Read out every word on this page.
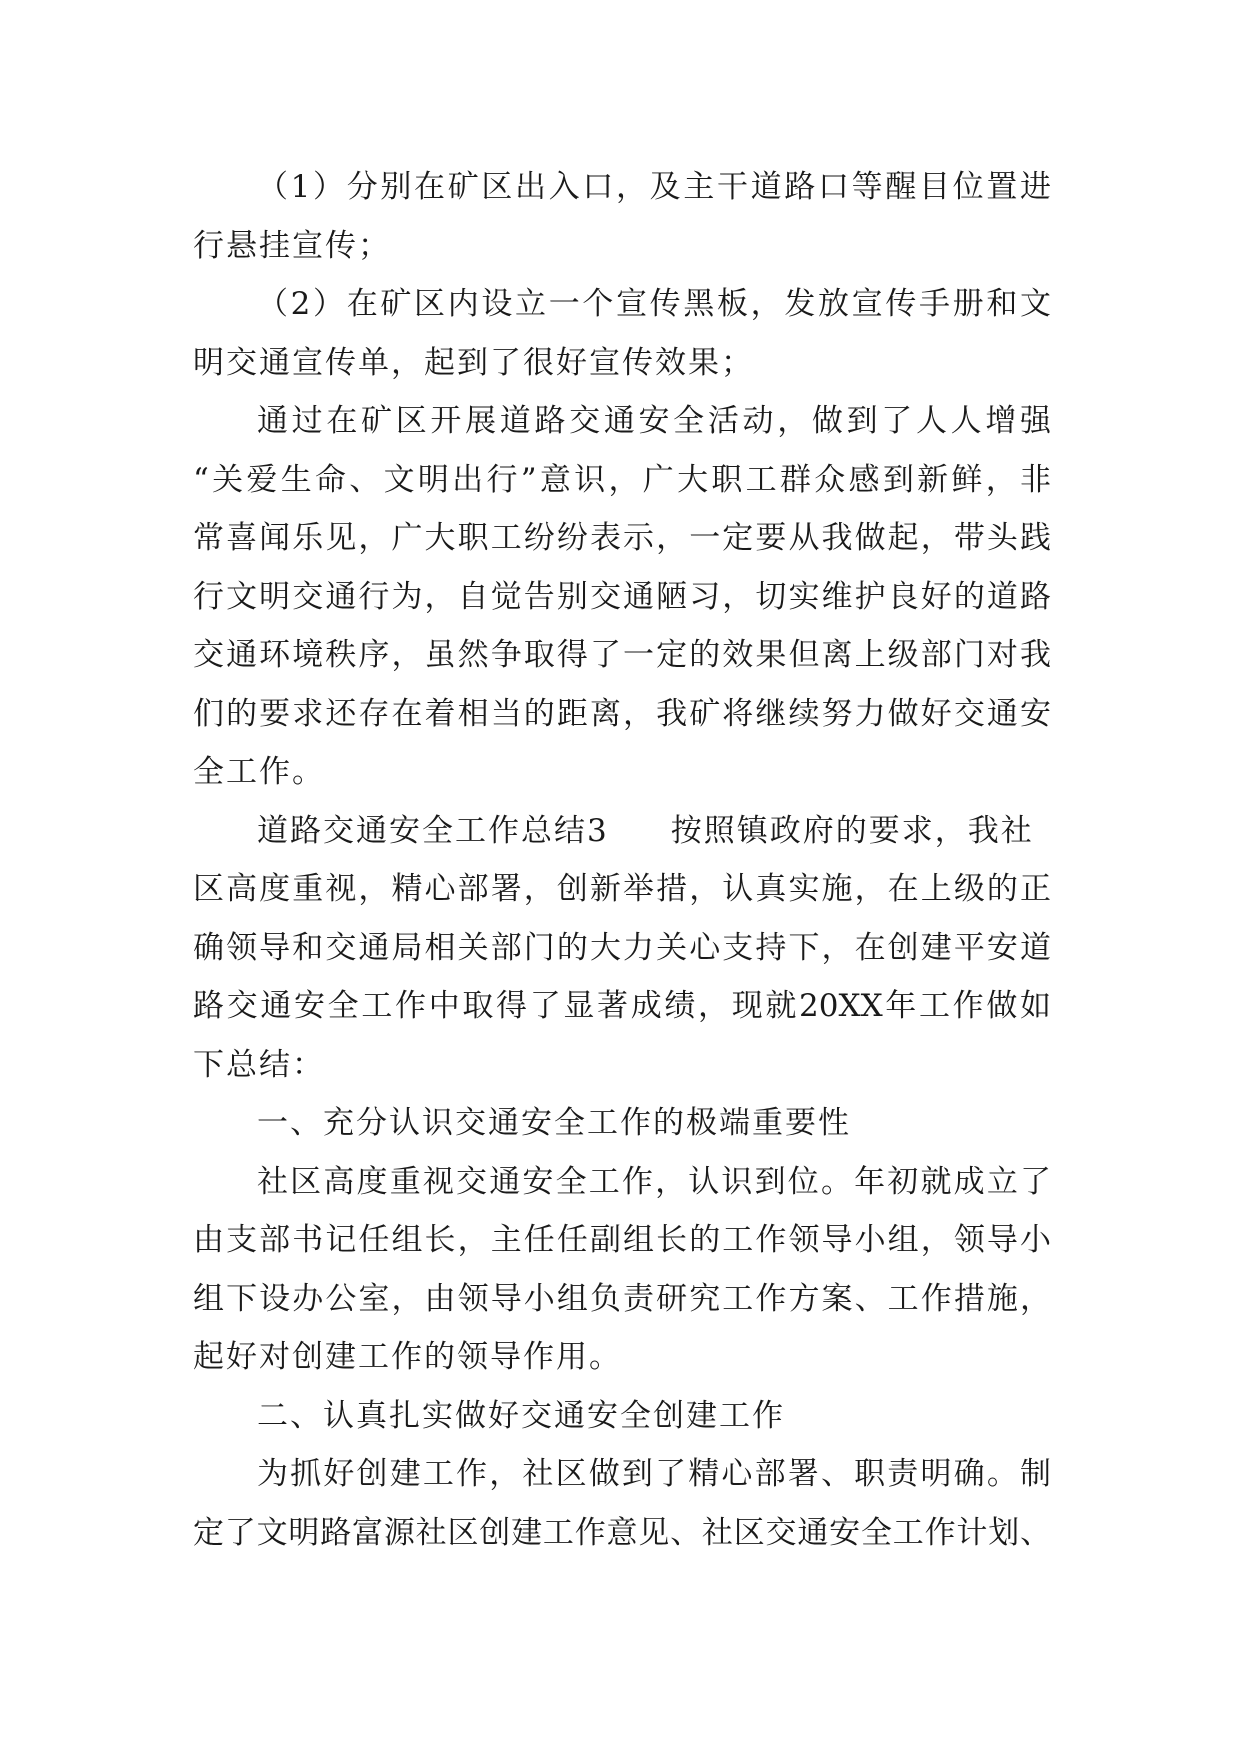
（1）分别在矿区出入口，及主干道路口等醒目位置进
行悬挂宣传；
（2）在矿区内设立一个宣传黑板，发放宣传手册和文
明交通宣传单，起到了很好宣传效果；
通过在矿区开展道路交通安全活动，做到了人人增强
“关爱生命、文明出行”意识，广大职工群众感到新鲜，非
常喜闻乐见，广大职工纷纷表示，一定要从我做起，带头践
行文明交通行为，自觉告别交通陋习，切实维护良好的道路
交通环境秩序，虽然争取得了一定的效果但离上级部门对我
们的要求还存在着相当的距离，我矿将继续努力做好交通安
全工作。
道路交通安全工作总结3 按照镇政府的要求，我社
区高度重视，精心部署，创新举措，认真实施，在上级的正
确领导和交通局相关部门的大力关心支持下，在创建平安道
路交通安全工作中取得了显著成绩，现就20XX年工作做如
下总结：
一、充分认识交通安全工作的极端重要性
社区高度重视交通安全工作，认识到位。年初就成立了
由支部书记任组长，主任任副组长的工作领导小组，领导小
组下设办公室，由领导小组负责研究工作方案、工作措施，
起好对创建工作的领导作用。
二、认真扎实做好交通安全创建工作
为抓好创建工作，社区做到了精心部署、职责明确。制
定了文明路富源社区创建工作意见、社区交通安全工作计划、
